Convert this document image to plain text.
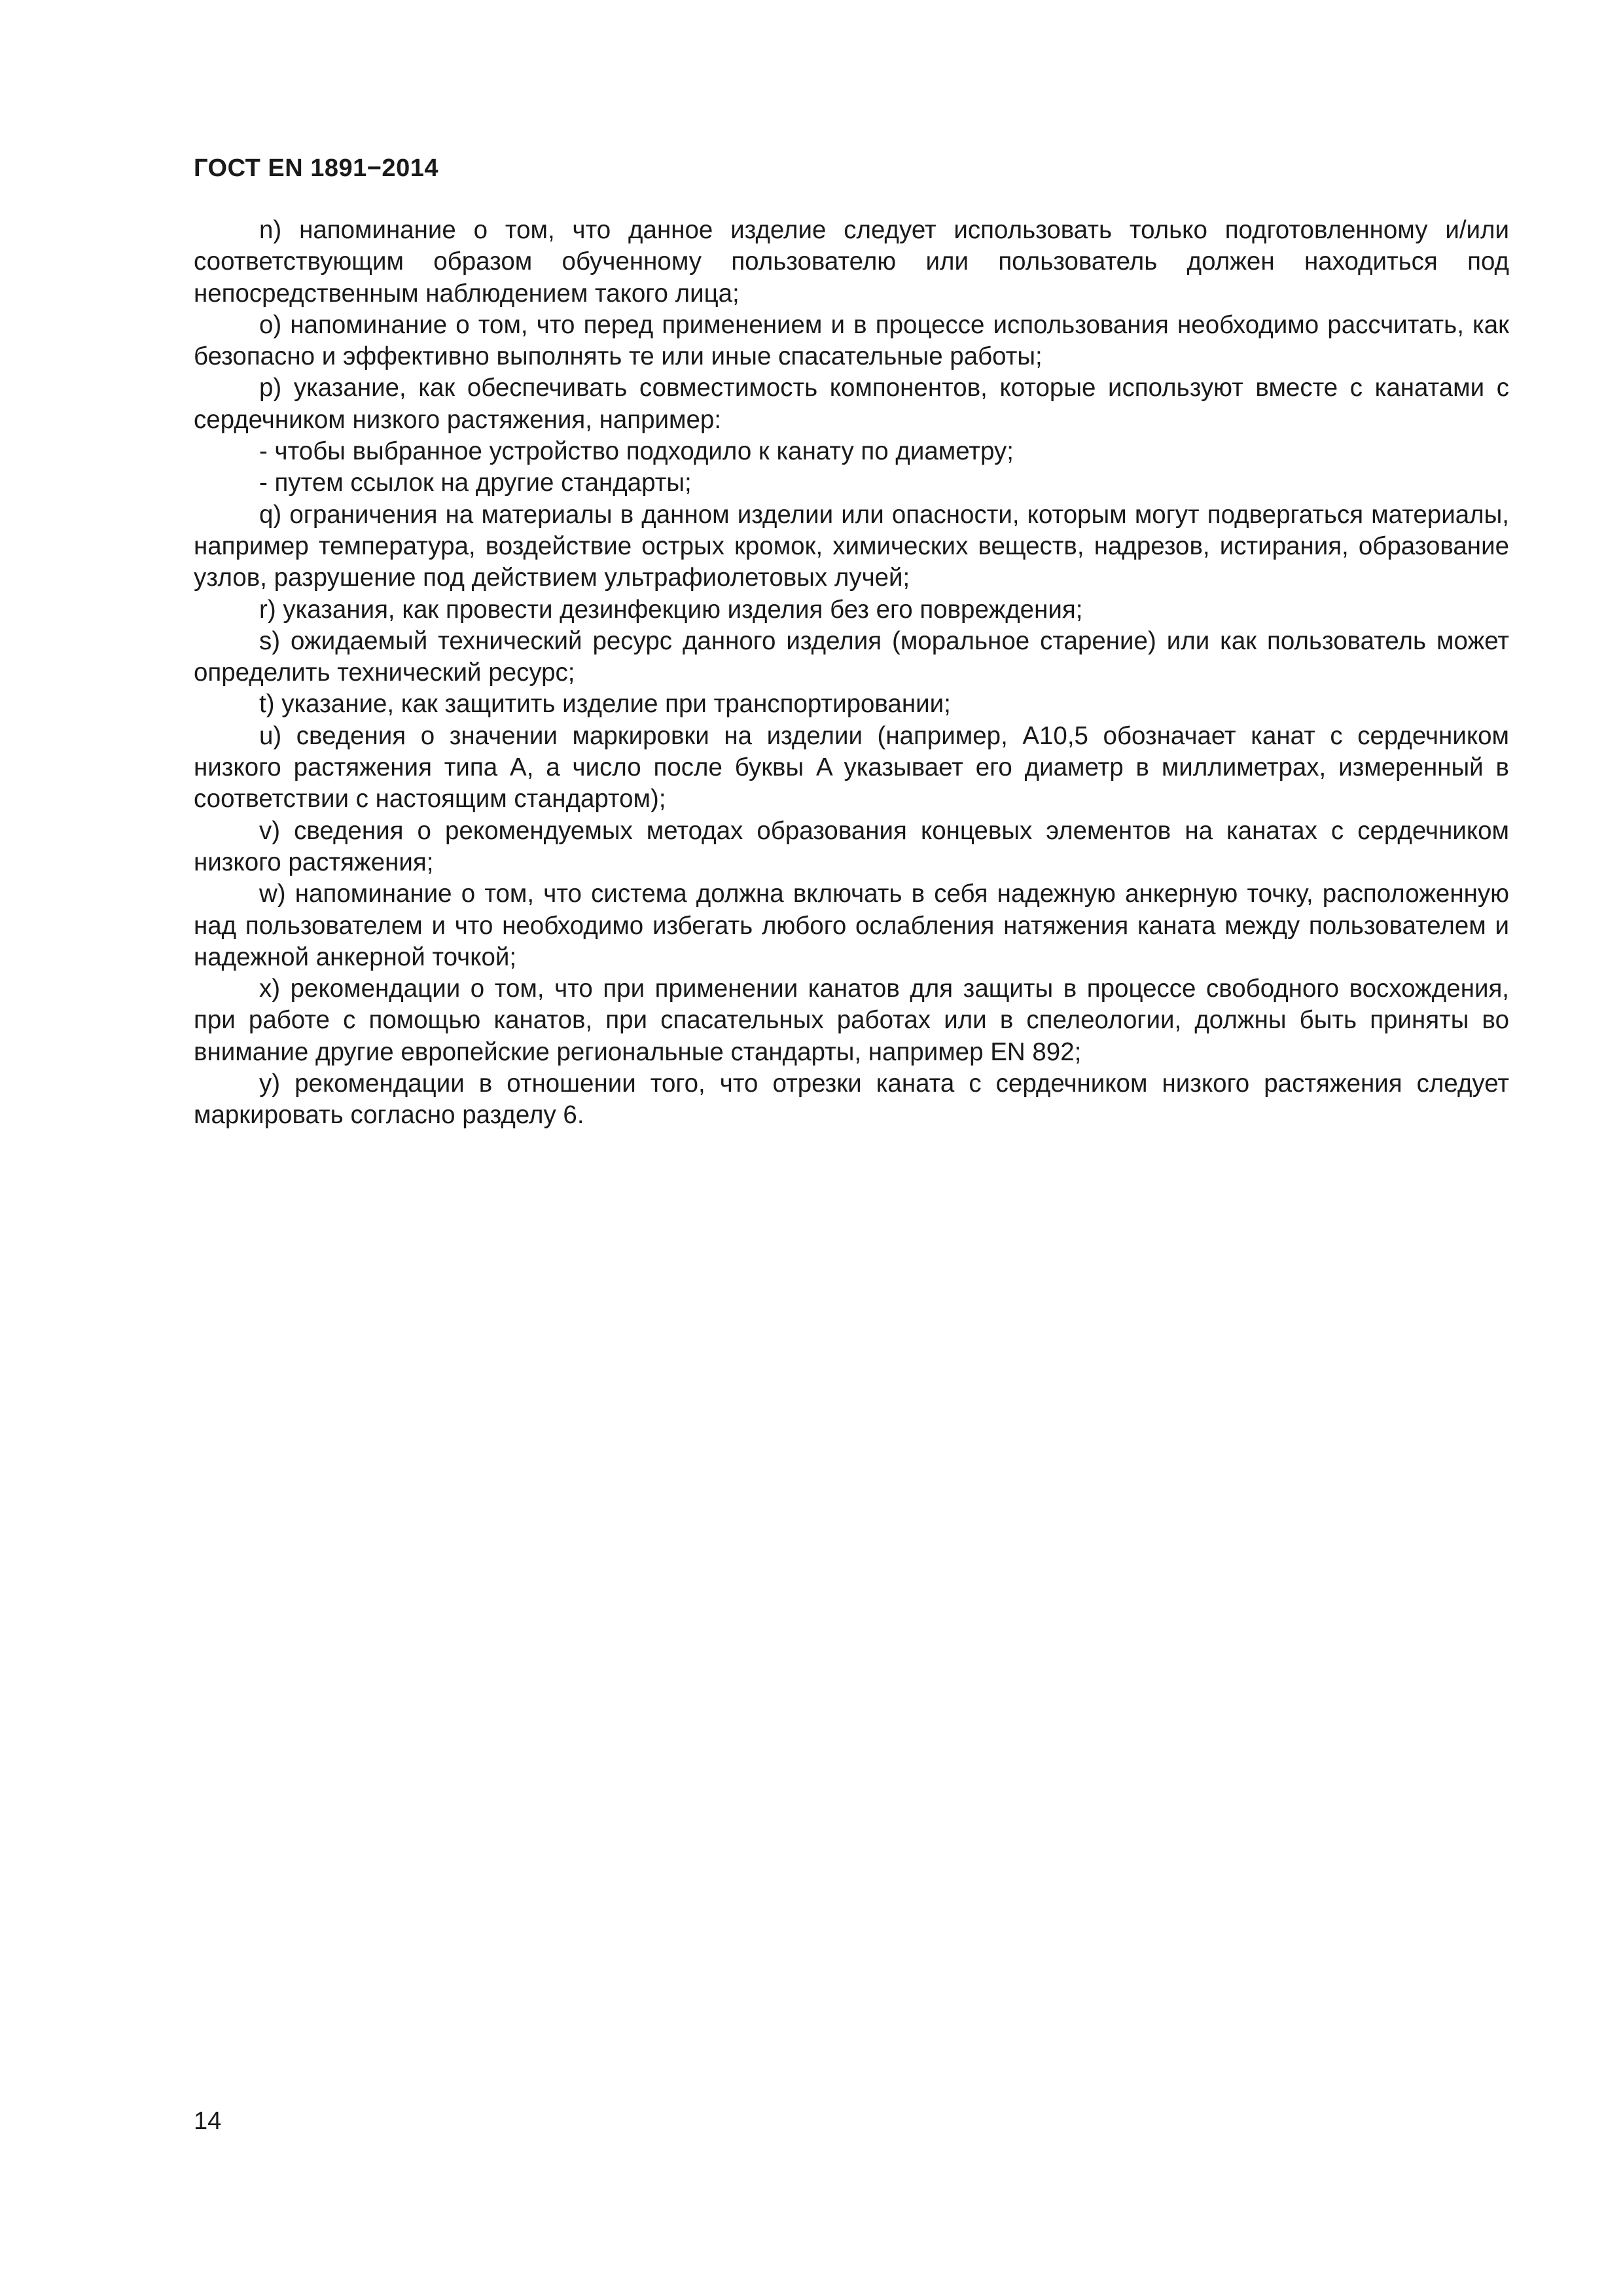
ГОСТ EN 1891−2014

n) напоминание о том, что данное изделие следует использовать только подготовленному и/или соответствующим образом обученному пользователю или пользователь должен находиться под непосредственным наблюдением такого лица;

o) напоминание о том, что перед применением и в процессе использования необходимо рассчитать, как безопасно и эффективно выполнять те или иные спасательные работы;

p) указание, как обеспечивать совместимость компонентов, которые используют вместе с канатами с сердечником низкого растяжения, например:

- чтобы выбранное устройство подходило к канату по диаметру;

- путем ссылок на другие стандарты;

q) ограничения на материалы в данном изделии или опасности, которым могут подвергаться материалы, например температура, воздействие острых кромок, химических веществ, надрезов, истирания, образование узлов, разрушение под действием ультрафиолетовых лучей;

r) указания, как провести дезинфекцию изделия без его повреждения;

s) ожидаемый технический ресурс данного изделия (моральное старение) или как пользователь может определить технический ресурс;

t) указание, как защитить изделие при транспортировании;

u) сведения о значении маркировки на изделии (например, A10,5 обозначает канат с сердечником низкого растяжения типа A, а число после буквы A указывает его диаметр в миллиметрах, измеренный в соответствии с настоящим стандартом);

v) сведения о рекомендуемых методах образования концевых элементов на канатах с сердечником низкого растяжения;

w) напоминание о том, что система должна включать в себя надежную анкерную точку, расположенную над пользователем и что необходимо избегать любого ослабления натяжения каната между пользователем и надежной анкерной точкой;

x) рекомендации о том, что при применении канатов для защиты в процессе свободного восхождения, при работе с помощью канатов, при спасательных работах или в спелеологии, должны быть приняты во внимание другие европейские региональные стандарты, например EN 892;

y) рекомендации в отношении того, что отрезки каната с сердечником низкого растяжения следует маркировать согласно разделу 6.

14
